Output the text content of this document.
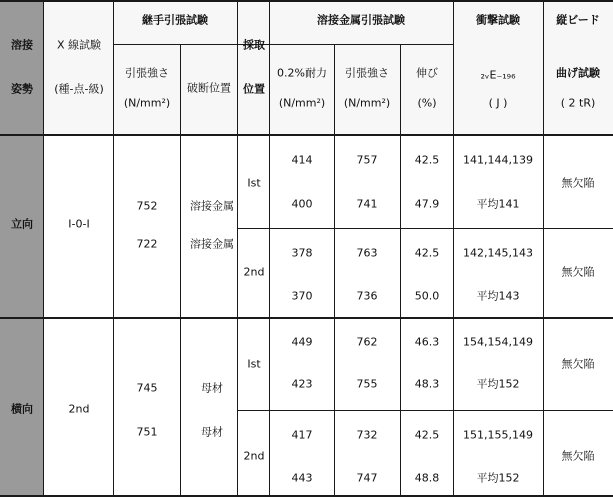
溶接
姿勢
X 線試験
(種-点-級)
継手引張試験
引張強さ
(N/mm²)
破断位置
採取
位置
溶接金属引張試験
0.2%耐力
(N/mm²)
引張強さ
(N/mm²)
伸び
(%)
衝撃試験
₂ᵥE₋₁₉₆
( J )
縦ビード
曲げ試験
( 2 tR)
立向	I-0-I
752
722
溶接金属
溶接金属
Ist
414
400
757
741
42.5
47.9
141,144,139
平均141
無欠陥
2nd
378
370
763
736
42.5
50.0
142,145,143
平均143
無欠陥
横向	2nd
745
751
母材
母材
Ist
449
423
762
755
46.3
48.3
154,154,149
平均152
無欠陥
2nd
417
443
732
747
42.5
48.8
151,155,149
平均152
無欠陥
